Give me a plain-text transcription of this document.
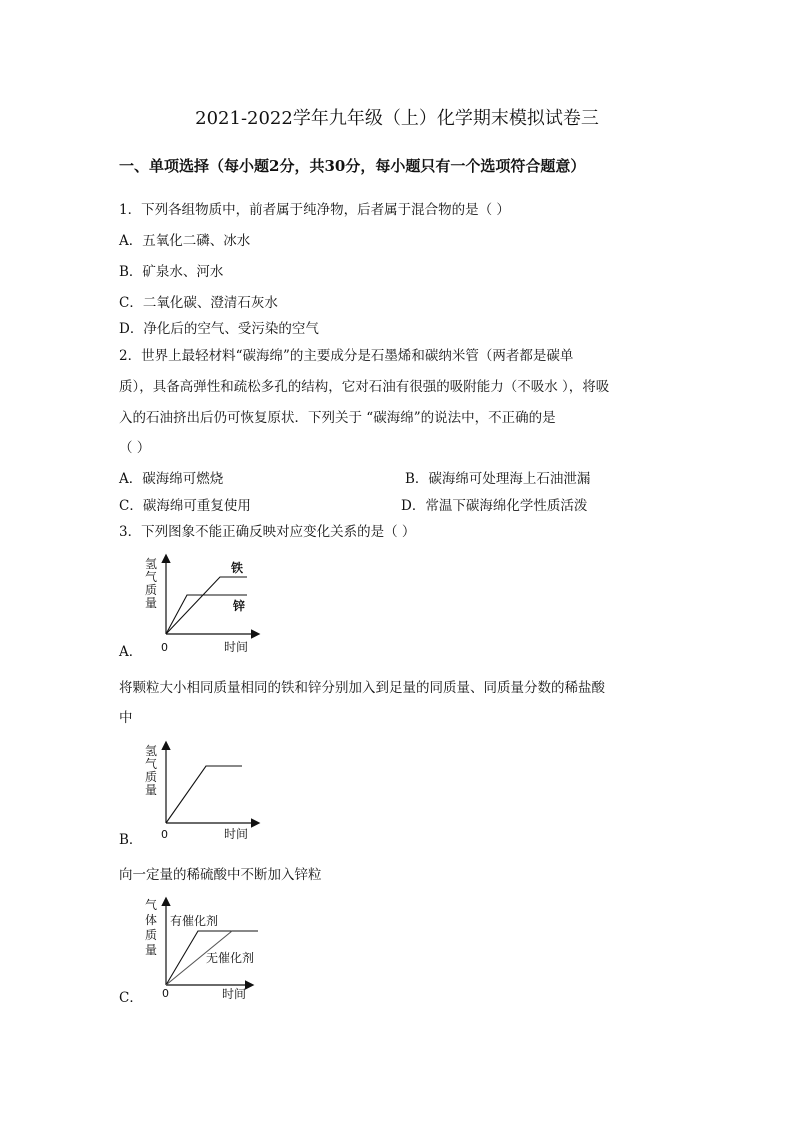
2021-2022学年九年级（上）化学期末模拟试卷三
一、单项选择（每小题2分，共30分，每小题只有一个选项符合题意）
1．下列各组物质中，前者属于纯净物，后者属于混合物的是（ ）
A．五氧化二磷、冰水
B．矿泉水、河水
C．二氧化碳、澄清石灰水
D．净化后的空气、受污染的空气
2．世界上最轻材料“碳海绵”的主要成分是石墨烯和碳纳米管（两者都是碳单
质），具备高弹性和疏松多孔的结构，它对石油有很强的吸附能力（不吸水 ），将吸
入的石油挤出后仍可恢复原状．下列关于 “碳海绵”的说法中，不正确的是
（ ）
A．碳海绵可燃烧	B．碳海绵可处理海上石油泄漏
C．碳海绵可重复使用	D．常温下碳海绵化学性质活泼
3．下列图象不能正确反映对应变化关系的是（ ）
氢
气
质
量
0	时间
铁
锌
A．
将颗粒大小相同质量相同的铁和锌分别加入到足量的同质量、同质量分数的稀盐酸
中
氢
气
质
量
0	时间
B．
向一定量的稀硫酸中不断加入锌粒
气
体
质
量
0	时间
有催化剂
无催化剂
C．
